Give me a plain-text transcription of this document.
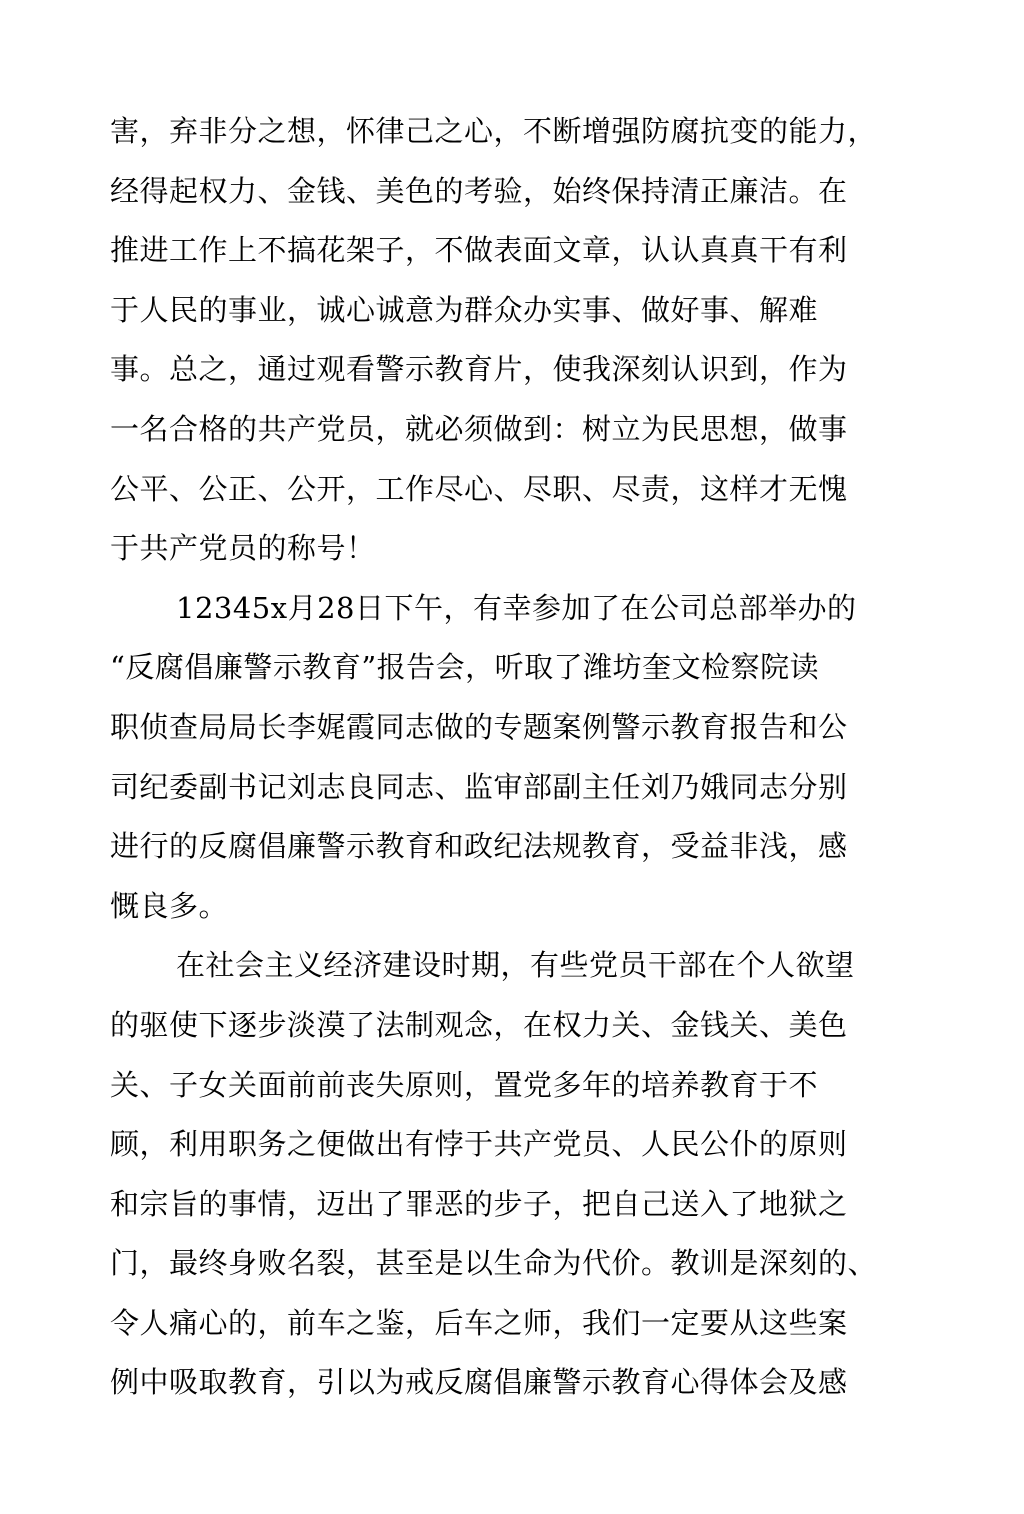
害，弃非分之想，怀律己之心，不断增强防腐抗变的能力，
经得起权力、金钱、美色的考验，始终保持清正廉洁。在
推进工作上不搞花架子，不做表面文章，认认真真干有利
于人民的事业，诚心诚意为群众办实事、做好事、解难
事。总之，通过观看警示教育片，使我深刻认识到，作为
一名合格的共产党员，就必须做到：树立为民思想，做事
公平、公正、公开，工作尽心、尽职、尽责，这样才无愧
于共产党员的称号！
12345x月28日下午，有幸参加了在公司总部举办的
“反腐倡廉警示教育”报告会，听取了潍坊奎文检察院读
职侦查局局长李娓霞同志做的专题案例警示教育报告和公
司纪委副书记刘志良同志、监审部副主任刘乃娥同志分别
进行的反腐倡廉警示教育和政纪法规教育，受益非浅，感
慨良多。
在社会主义经济建设时期，有些党员干部在个人欲望
的驱使下逐步淡漠了法制观念，在权力关、金钱关、美色
关、子女关面前前丧失原则，置党多年的培养教育于不
顾，利用职务之便做出有悖于共产党员、人民公仆的原则
和宗旨的事情，迈出了罪恶的步子，把自己送入了地狱之
门，最终身败名裂，甚至是以生命为代价。教训是深刻的、
令人痛心的，前车之鉴，后车之师，我们一定要从这些案
例中吸取教育，引以为戒反腐倡廉警示教育心得体会及感
